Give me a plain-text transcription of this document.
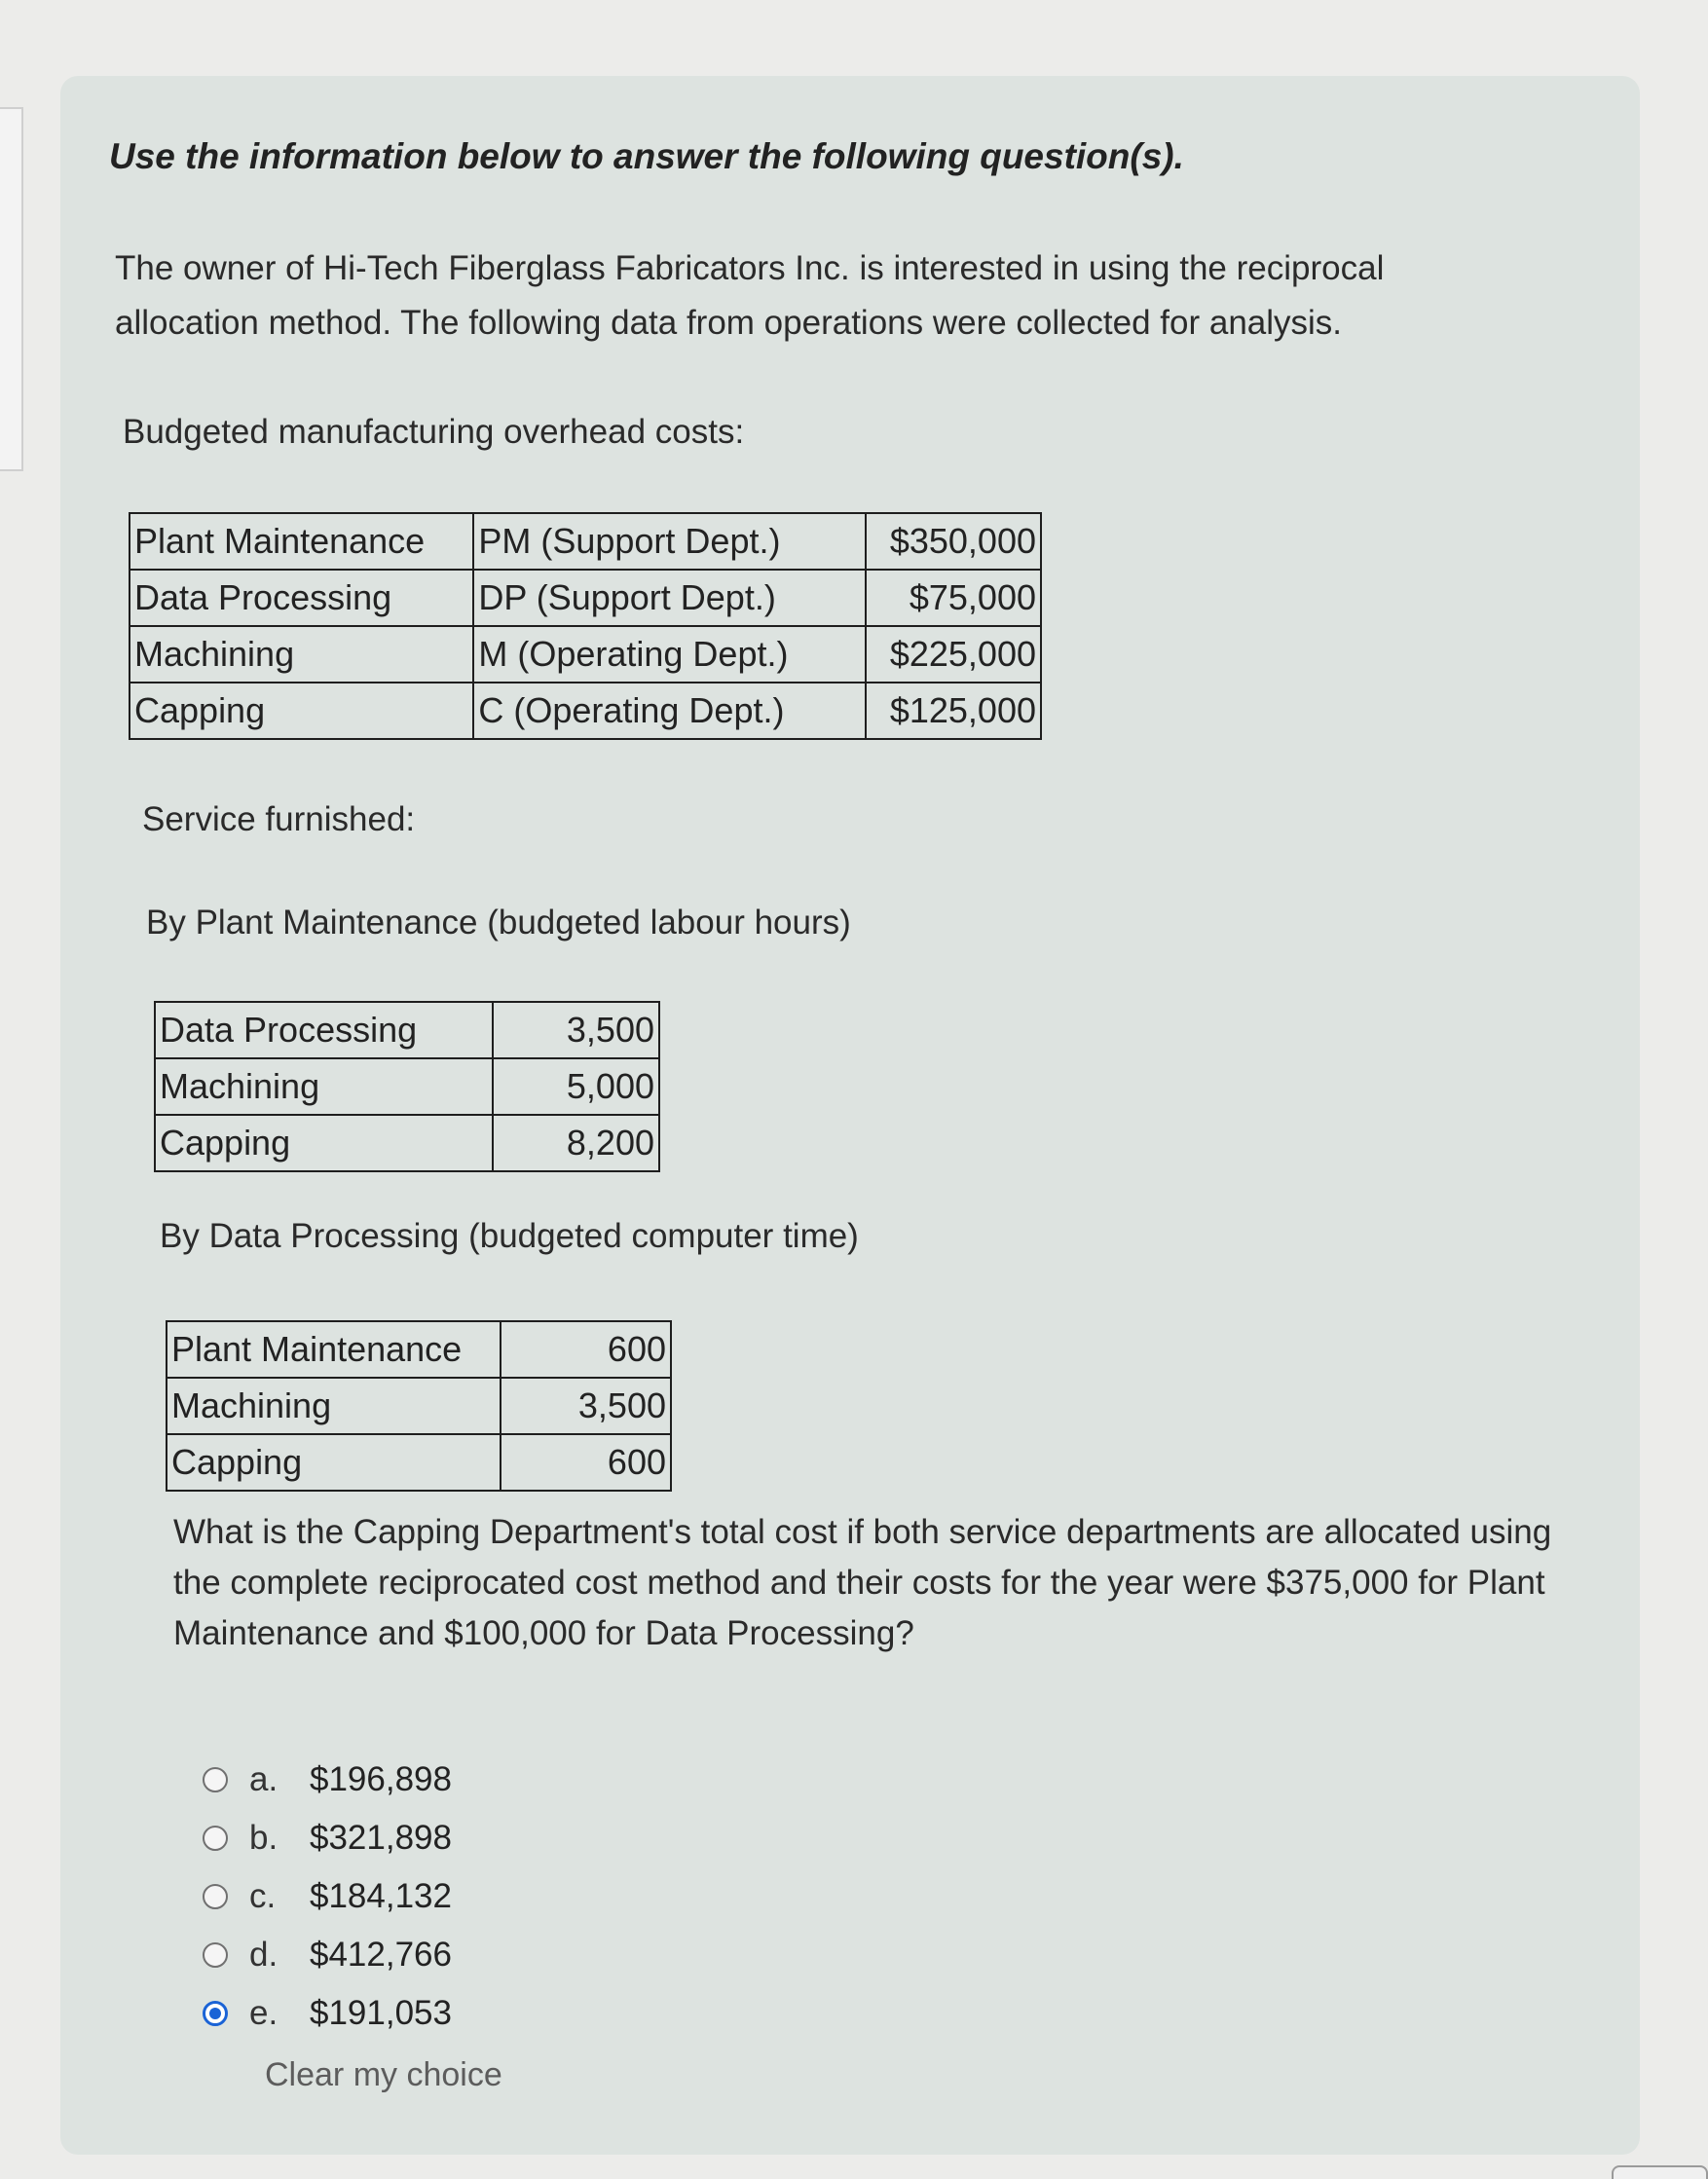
Use the information below to answer the following question(s).
The owner of Hi-Tech Fiberglass Fabricators Inc. is interested in using the reciprocal allocation method. The following data from operations were collected for analysis.
Budgeted manufacturing overhead costs:
Plant Maintenance	PM (Support Dept.)	$350,000
Data Processing	DP (Support Dept.)	$75,000
Machining	M (Operating Dept.)	$225,000
Capping	C (Operating Dept.)	$125,000
Service furnished:
By Plant Maintenance (budgeted labour hours)
Data Processing	3,500
Machining	5,000
Capping	8,200
By Data Processing (budgeted computer time)
Plant Maintenance	600
Machining	3,500
Capping	600
What is the Capping Department's total cost if both service departments are allocated using the complete reciprocated cost method and their costs for the year were $375,000 for Plant Maintenance and $100,000 for Data Processing?
a. $196,898
b. $321,898
c. $184,132
d. $412,766
e. $191,053
Clear my choice
